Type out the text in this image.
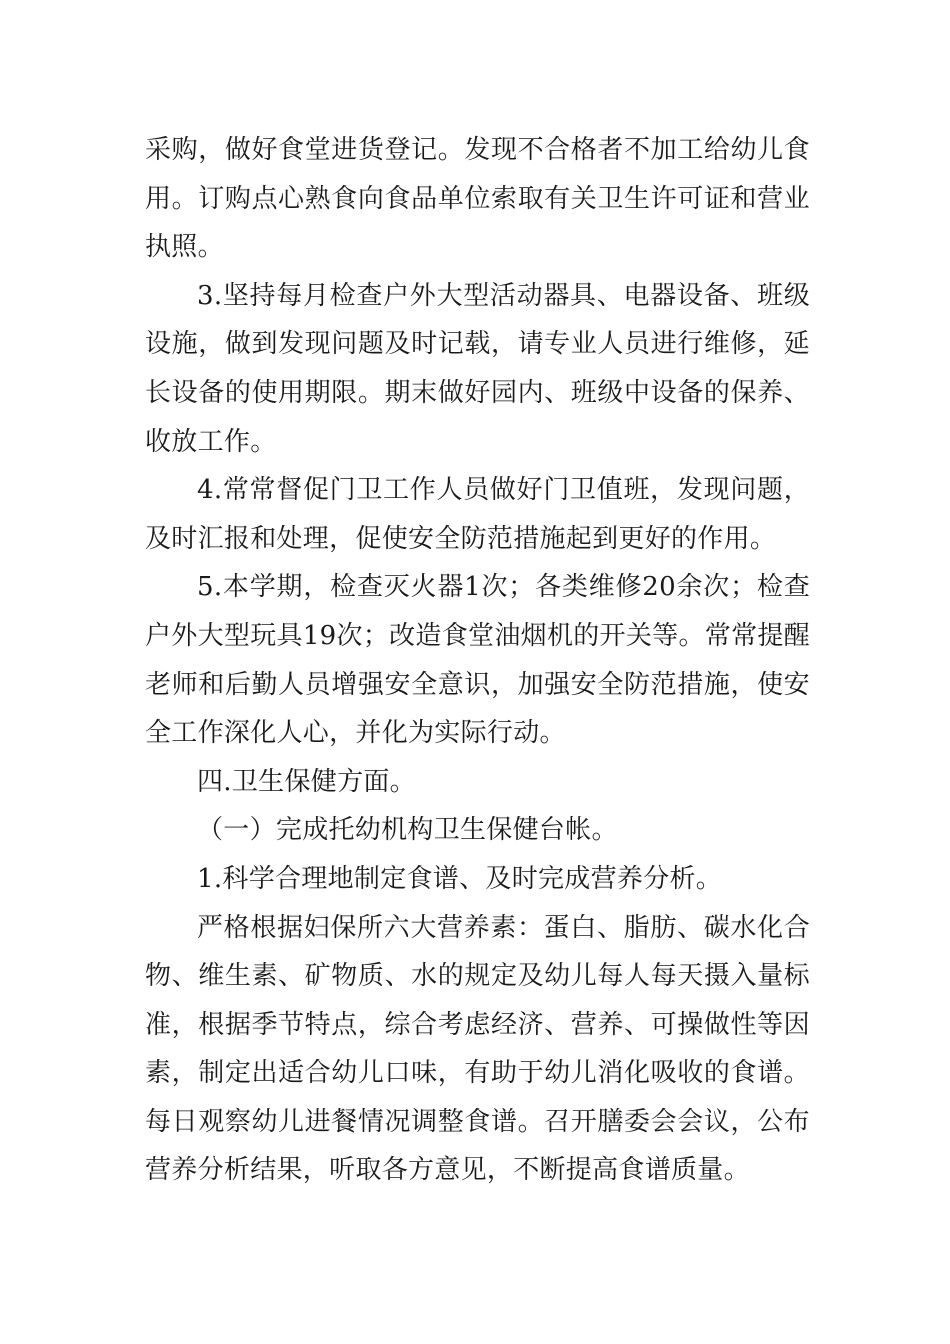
采购，做好食堂进货登记。发现不合格者不加工给幼儿食用。订购点心熟食向食品单位索取有关卫生许可证和营业执照。

3.坚持每月检查户外大型活动器具、电器设备、班级设施，做到发现问题及时记载，请专业人员进行维修，延长设备的使用期限。期末做好园内、班级中设备的保养、收放工作。

4.常常督促门卫工作人员做好门卫值班，发现问题，及时汇报和处理，促使安全防范措施起到更好的作用。

5.本学期，检查灭火器1次；各类维修20余次；检查户外大型玩具19次；改造食堂油烟机的开关等。常常提醒老师和后勤人员增强安全意识，加强安全防范措施，使安全工作深化人心，并化为实际行动。

四.卫生保健方面。

（一）完成托幼机构卫生保健台帐。

1.科学合理地制定食谱、及时完成营养分析。

严格根据妇保所六大营养素：蛋白、脂肪、碳水化合物、维生素、矿物质、水的规定及幼儿每人每天摄入量标准，根据季节特点，综合考虑经济、营养、可操做性等因素，制定出适合幼儿口味，有助于幼儿消化吸收的食谱。每日观察幼儿进餐情况调整食谱。召开膳委会会议，公布营养分析结果，听取各方意见，不断提高食谱质量。
